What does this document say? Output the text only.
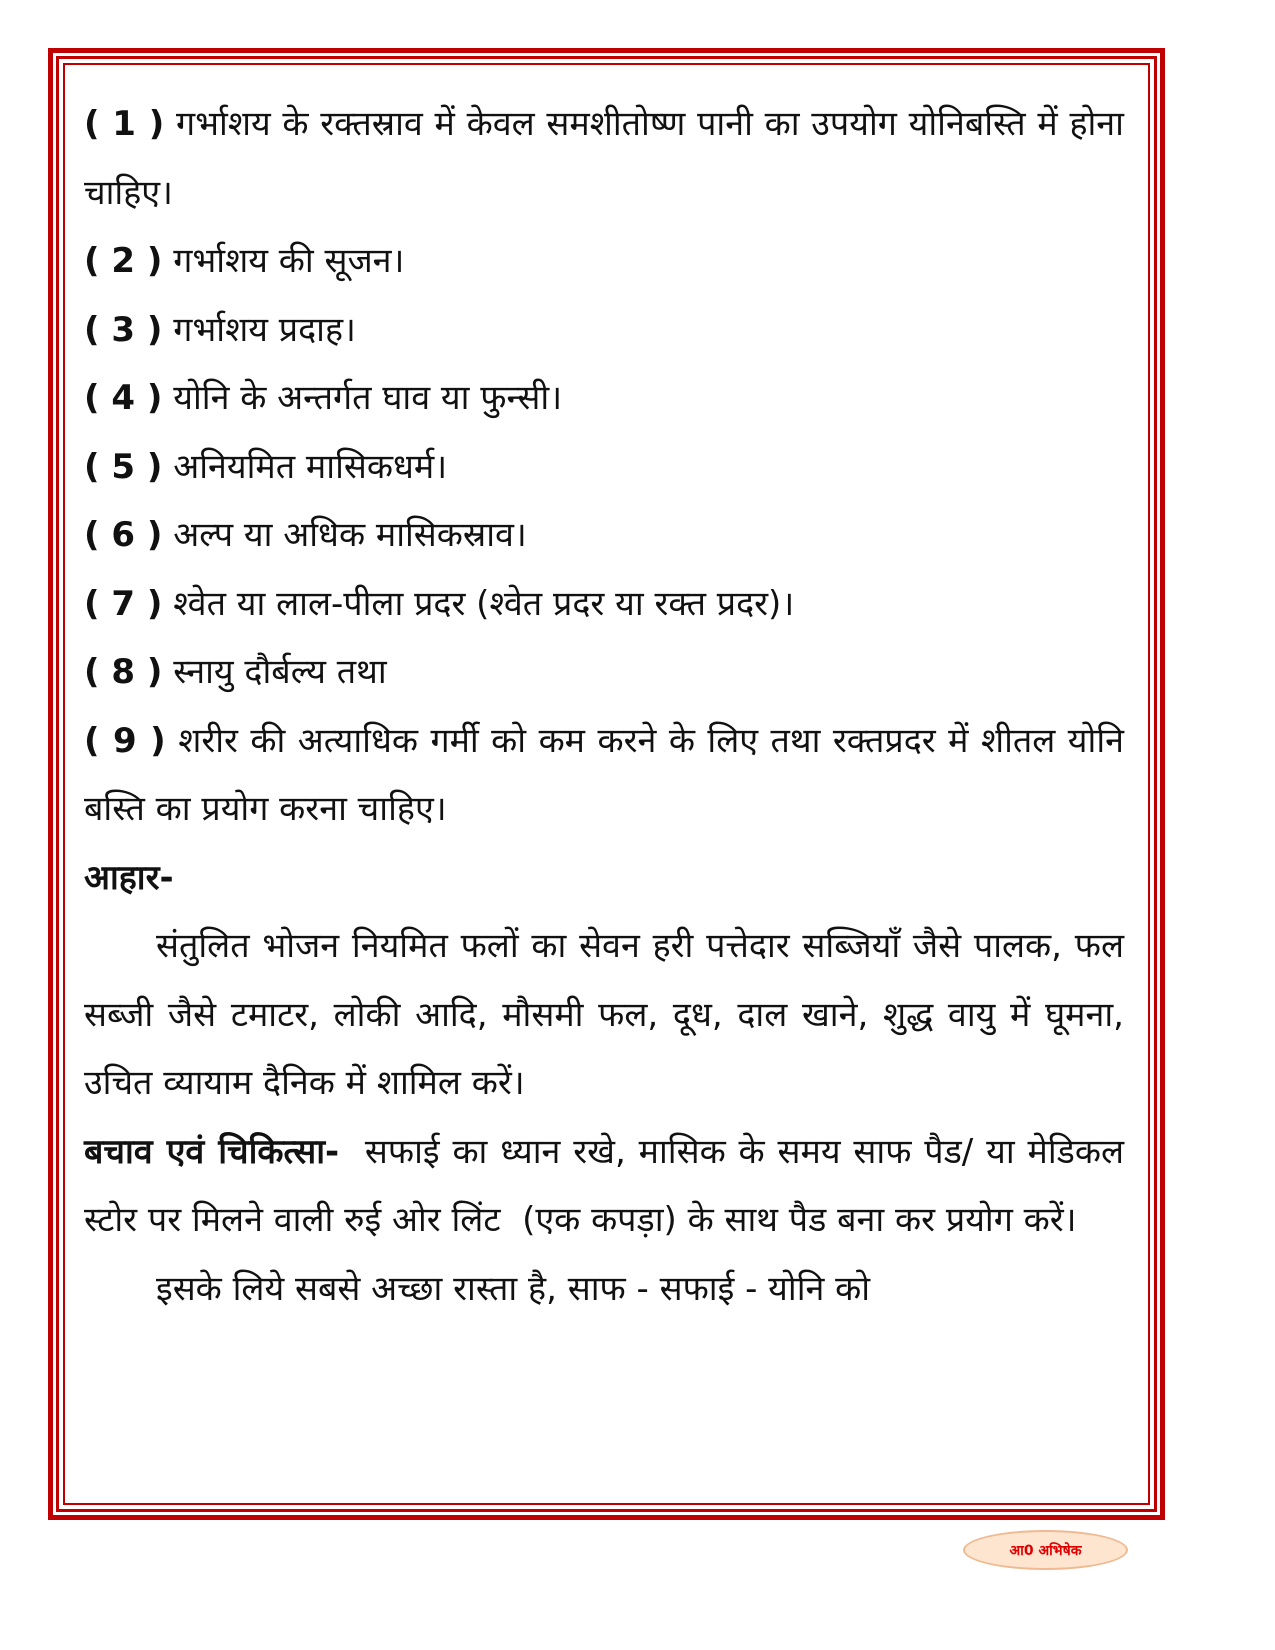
( 1 ) गर्भाशय के रक्तस्राव में केवल समशीतोष्ण पानी का उपयोग योनिबस्ति में होना चाहिए।

( 2 ) गर्भाशय की सूजन।

( 3 ) गर्भाशय प्रदाह।

( 4 ) योनि के अन्तर्गत घाव या फुन्सी।

( 5 ) अनियमित मासिकधर्म।

( 6 ) अल्प या अधिक मासिकस्राव।

( 7 ) श्वेत या लाल-पीला प्रदर (श्वेत प्रदर या रक्त प्रदर)।

( 8 ) स्नायु दौर्बल्य तथा

( 9 ) शरीर की अत्याधिक गर्मी को कम करने के लिए तथा रक्तप्रदर में शीतल योनि बस्ति का प्रयोग करना चाहिए।

आहार-

संतुलित भोजन नियमित फलों का सेवन हरी पत्तेदार सब्जियाँ जैसे पालक, फल सब्जी जैसे टमाटर, लोकी आदि, मौसमी फल, दूध, दाल खाने, शुद्ध वायु में घूमना, उचित व्यायाम दैनिक में शामिल करें।

बचाव एवं चिकित्सा-  सफाई का ध्यान रखे, मासिक के समय साफ पैड/ या मेडिकल स्टोर पर मिलने वाली रुई ओर लिंट  (एक कपड़ा) के साथ पैड बना कर प्रयोग करें।

इसके लिये सबसे अच्छा रास्ता है, साफ - सफाई - योनि को

आ0 अभिषेक
